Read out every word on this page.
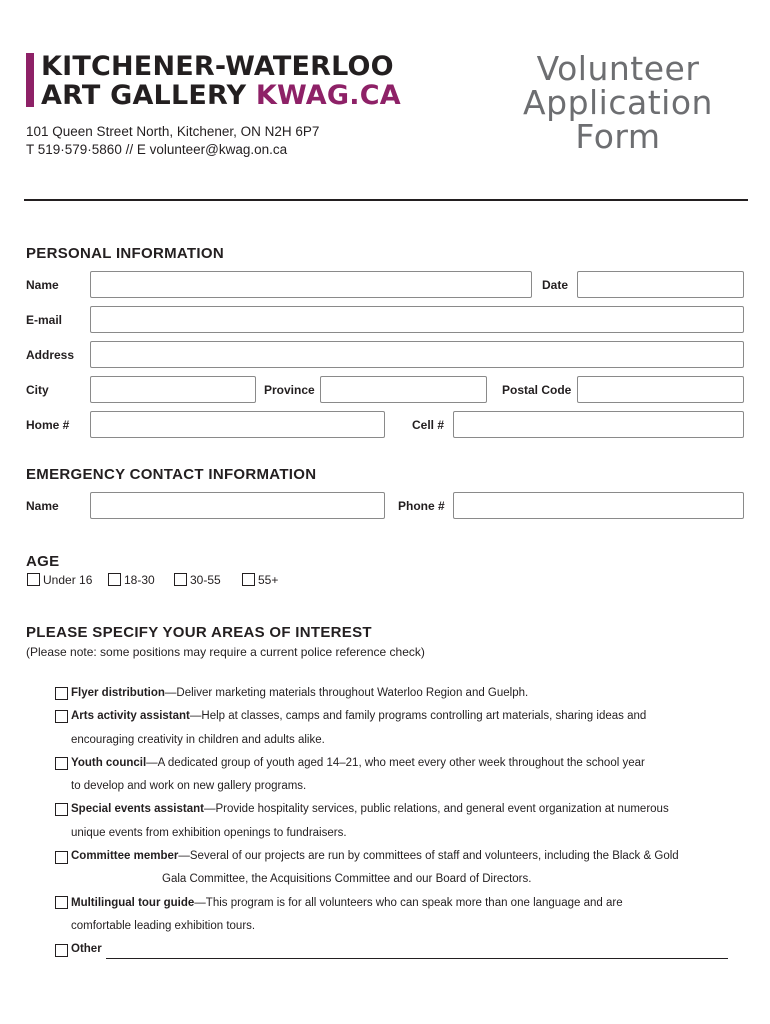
KITCHENER-WATERLOO
ART GALLERY KWAG.CA
101 Queen Street North, Kitchener, ON N2H 6P7
T 519·579·5860 // E volunteer@kwag.on.ca
Volunteer
Application
Form
PERSONAL INFORMATION
Name	Date
E-mail
Address
City	Province	Postal Code
Home #	Cell #
EMERGENCY CONTACT INFORMATION
Name	Phone #
AGE
Under 16	18-30	30-55	55+
PLEASE SPECIFY YOUR AREAS OF INTEREST
(Please note: some positions may require a current police reference check)
Flyer distribution—Deliver marketing materials throughout Waterloo Region and Guelph.
Arts activity assistant—Help at classes, camps and family programs controlling art materials, sharing ideas and
encouraging creativity in children and adults alike.
Youth council—A dedicated group of youth aged 14–21, who meet every other week throughout the school year
to develop and work on new gallery programs.
Special events assistant—Provide hospitality services, public relations, and general event organization at numerous
unique events from exhibition openings to fundraisers.
Committee member—Several of our projects are run by committees of staff and volunteers, including the Black & Gold
Gala Committee, the Acquisitions Committee and our Board of Directors.
Multilingual tour guide—This program is for all volunteers who can speak more than one language and are
comfortable leading exhibition tours.
Other
